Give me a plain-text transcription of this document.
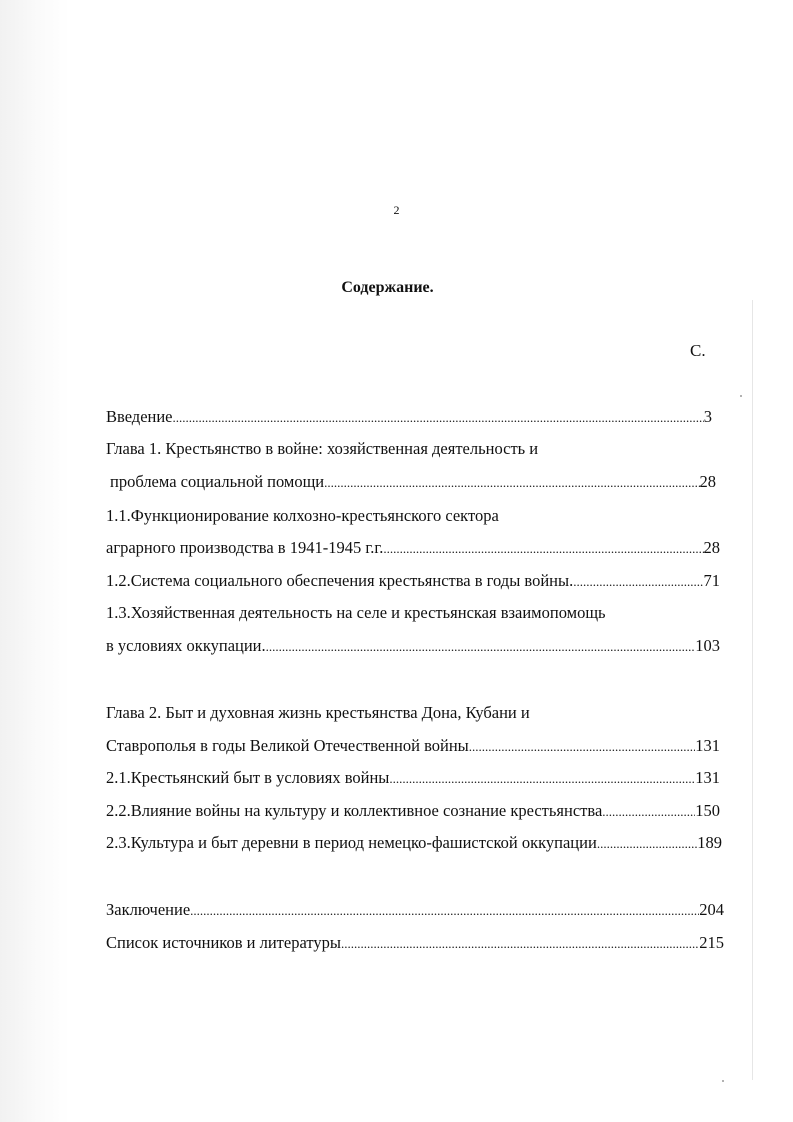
2
Содержание.
С.
Введение .....	3
Глава 1. Крестьянство в войне: хозяйственная деятельность и
проблема социальной помощи .....	28
1.1.Функционирование колхозно-крестьянского сектора
аграрного производства в 1941-1945 г.г. .....	28
1.2.Система социального обеспечения крестьянства в годы войны. .....	71
1.3.Хозяйственная деятельность на селе и крестьянская взаимопомощь
в условиях оккупации. .....	103
Глава 2. Быт и духовная жизнь крестьянства Дона, Кубани и
Ставрополья в годы Великой Отечественной войны .....	131
2.1.Крестьянский быт в условиях войны .....	131
2.2.Влияние войны на культуру и коллективное сознание крестьянства .....	150
2.3.Культура и быт деревни в период немецко-фашистской оккупации .....	189
Заключение .....	204
Список источников и литературы .....	215
